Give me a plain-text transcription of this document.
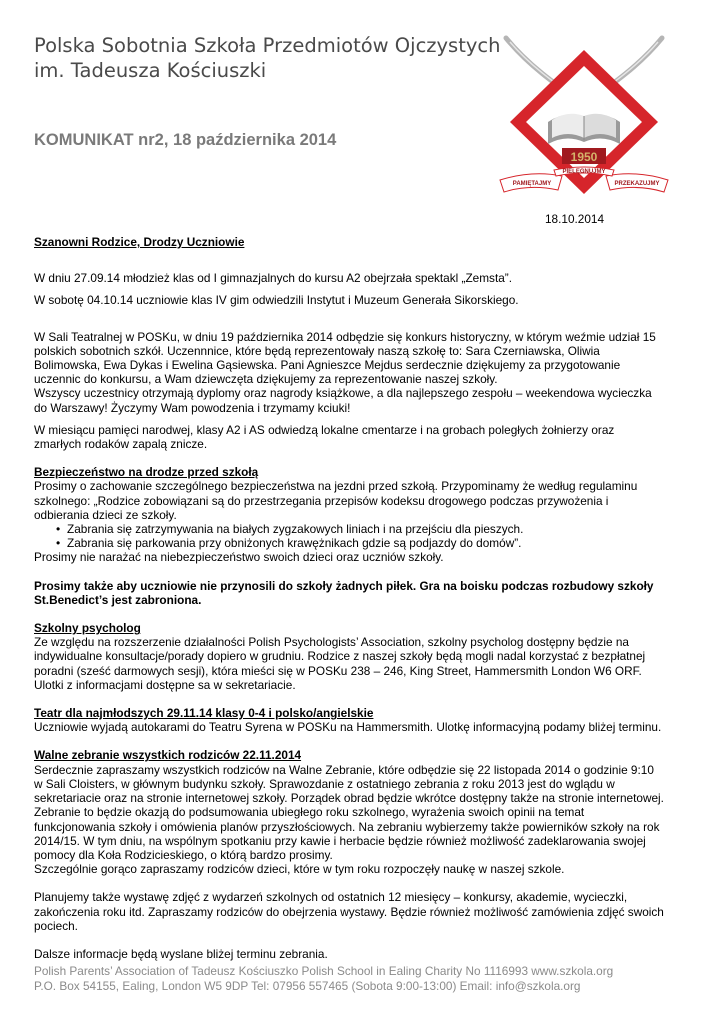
Polska Sobotnia Szkoła Przedmiotów Ojczystych
im. Tadeusza Kościuszki
KOMUNIKAT nr2, 18 października 2014
1950
PAMIĘTAJMY
PIELĘGNUJMY
PRZEKAZUJMY
18.10.2014

Szanowni Rodzice, Drodzy Uczniowie

W dniu 27.09.14 młodzież klas od I gimnazjalnych do kursu A2 obejrzała spektakl „Zemsta”.

W sobotę 04.10.14 uczniowie klas IV gim odwiedzili Instytut i Muzeum Generała Sikorskiego.

W Sali Teatralnej w POSKu, w dniu 19 października 2014 odbędzie się konkurs historyczny, w którym weźmie udział 15 polskich sobotnich szkół. Uczennnice, które będą reprezentowały naszą szkołę to: Sara Czerniawska, Oliwia Bolimowska, Ewa Dykas i Ewelina Gąsiewska. Pani Agnieszce Mejdus serdecznie dziękujemy za przygotowanie uczennic do konkursu, a Wam dziewczęta dziękujemy za reprezentowanie naszej szkoły.

Wszyscy uczestnicy otrzymają dyplomy oraz nagrody książkowe, a dla najlepszego zespołu – weekendowa wycieczka do Warszawy! Życzymy Wam powodzenia i trzymamy kciuki!

W miesiącu pamięci narodwej, klasy A2 i AS odwiedzą lokalne cmentarze i na grobach poległych żołnierzy oraz zmarłych rodaków zapalą znicze.

Bezpieczeństwo na drodze przed szkołą

Prosimy o zachowanie szczególnego bezpieczeństwa na jezdni przed szkołą. Przypominamy że według regulaminu szkolnego: „Rodzice zobowiązani są do przestrzegania przepisów kodeksu drogowego podczas przywożenia i odbierania dzieci ze szkoły.

• Zabrania się zatrzymywania na białych zygzakowych liniach i na przejściu dla pieszych.
• Zabrania się parkowania przy obniżonych krawężnikach gdzie są podjazdy do domów”.

Prosimy nie narażać na niebezpieczeństwo swoich dzieci oraz uczniów szkoły.

Prosimy także aby uczniowie nie przynosili do szkoły żadnych piłek. Gra na boisku podczas rozbudowy szkoły St.Benedict’s jest zabroniona.

Szkolny psycholog

Ze względu na rozszerzenie działalności Polish Psychologists’ Association, szkolny psycholog dostępny będzie na indywidualne konsultacje/porady dopiero w grudniu. Rodzice z naszej szkoły będą mogli nadal korzystać z bezpłatnej poradni (sześć darmowych sesji), która mieści się w POSKu 238 – 246, King Street, Hammersmith London W6 ORF. Ulotki z informacjami dostępne sa w sekretariacie.

Teatr dla najmłodszych 29.11.14 klasy 0-4 i polsko/angielskie

Uczniowie wyjadą autokarami do Teatru Syrena w POSKu na Hammersmith. Ulotkę informacyjną podamy bliżej terminu.

Walne zebranie wszystkich rodziców 22.11.2014

Serdecznie zapraszamy wszystkich rodziców na Walne Zebranie, które odbędzie się 22 listopada 2014 o godzinie 9:10 w Sali Cloisters, w głównym budynku szkoły. Sprawozdanie z ostatniego zebrania z roku 2013 jest do wglądu w sekretariacie oraz na stronie internetowej szkoły. Porządek obrad będzie wkrótce dostępny także na stronie internetowej. Zebranie to będzie okazją do podsumowania ubiegłego roku szkolnego, wyrażenia swoich opinii na temat funkcjonowania szkoły i omówienia planów przyszłościowych. Na zebraniu wybierzemy także powierników szkoły na rok 2014/15. W tym dniu, na wspólnym spotkaniu przy kawie i herbacie będzie również możliwość zadeklarowania swojej pomocy dla Koła Rodzicieskiego, o którą bardzo prosimy.

Szczególnie gorąco zapraszamy rodziców dzieci, które w tym roku rozpoczęły naukę w naszej szkole.

Planujemy także wystawę zdjęć z wydarzeń szkolnych od ostatnich 12 miesięcy – konkursy, akademie, wycieczki, zakończenia roku itd. Zapraszamy rodziców do obejrzenia wystawy. Będzie również możliwość zamówienia zdjęć swoich pociech.

Dalsze informacje będą wyslane bliżej terminu zebrania.

Polish Parents’ Association of Tadeusz Kościuszko Polish School in Ealing Charity No 1116993 www.szkola.org
P.O. Box 54155, Ealing, London W5 9DP Tel: 07956 557465 (Sobota 9:00-13:00) Email: info@szkola.org
